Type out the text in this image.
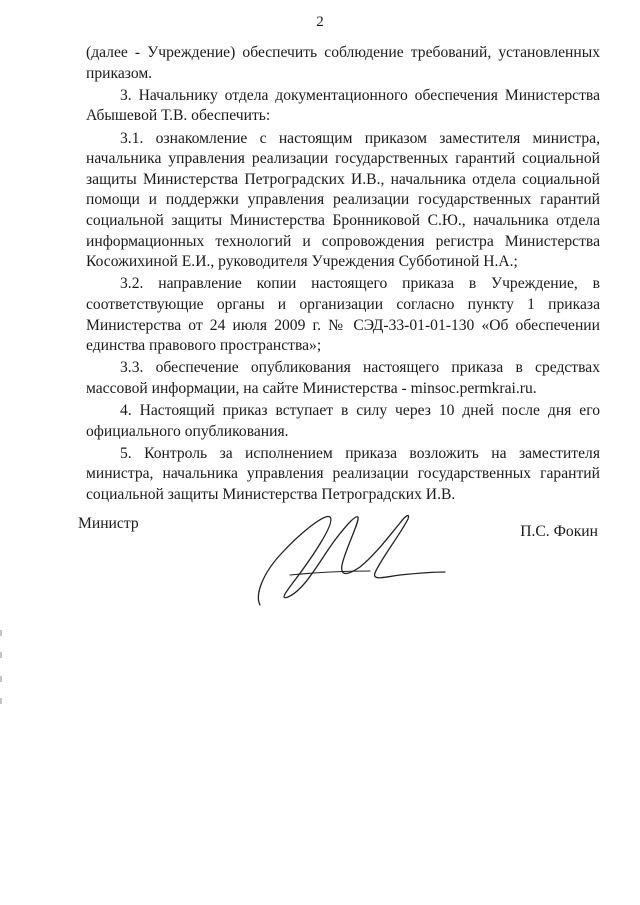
2

(далее - Учреждение) обеспечить соблюдение требований, установленных приказом.

3. Начальнику отдела документационного обеспечения Министерства Абышевой Т.В. обеспечить:

3.1. ознакомление с настоящим приказом заместителя министра, начальника управления реализации государственных гарантий социальной защиты Министерства Петроградских И.В., начальника отдела социальной помощи и поддержки управления реализации государственных гарантий социальной защиты Министерства Бронниковой С.Ю., начальника отдела информационных технологий и сопровождения регистра Министерства Косожихиной Е.И., руководителя Учреждения Субботиной Н.А.;

3.2. направление копии настоящего приказа в Учреждение, в соответствующие органы и организации согласно пункту 1 приказа Министерства от 24 июля 2009 г. № СЭД-33-01-01-130 «Об обеспечении единства правового пространства»;

3.3. обеспечение опубликования настоящего приказа в средствах массовой информации, на сайте Министерства - minsoc.permkrai.ru.

4. Настоящий приказ вступает в силу через 10 дней после дня его официального опубликования.

5. Контроль за исполнением приказа возложить на заместителя министра, начальника управления реализации государственных гарантий социальной защиты Министерства Петроградских И.В.

Министр	П.С. Фокин
